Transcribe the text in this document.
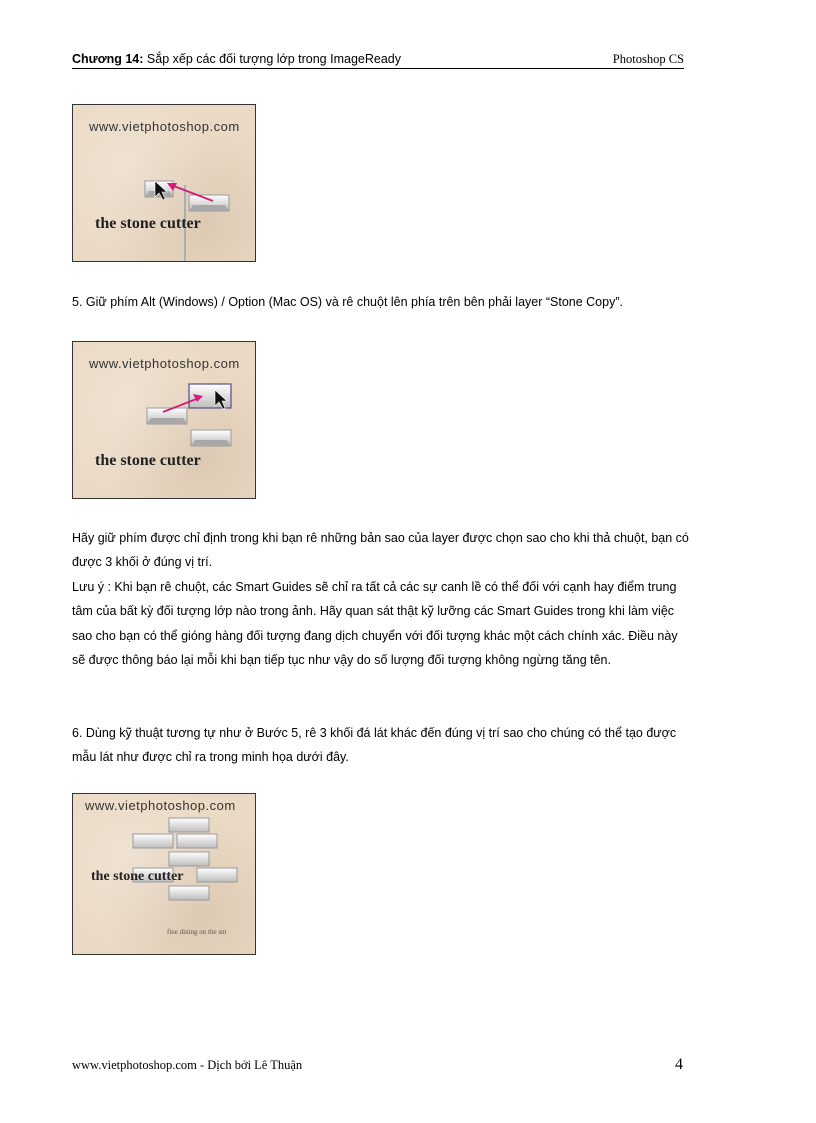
Chương 14: Sắp xếp các đối tượng lớp trong ImageReady	Photoshop CS
www.vietphotoshop.com
the stone cutter

5. Giữ phím Alt (Windows) / Option (Mac OS) và rê chuột lên phía trên bên phải layer “Stone Copy”.

www.vietphotoshop.com
the stone cutter

Hãy giữ phím được chỉ định trong khi bạn rê những bản sao của layer được chọn sao cho khi thả chuột, bạn có được 3 khối ở đúng vị trí.

Lưu ý : Khi bạn rê chuột, các Smart Guides sẽ chỉ ra tất cả các sự canh lề có thể đối với cạnh hay điểm trung tâm của bất kỳ đối tượng lớp nào trong ảnh. Hãy quan sát thật kỹ lưỡng các Smart Guides trong khi làm việc sao cho bạn có thể gióng hàng đối tượng đang dịch chuyển với đối tượng khác một cách chính xác. Điều này sẽ được thông báo lại mỗi khi bạn tiếp tục như vậy do số lượng đối tượng không ngừng tăng tên.

6. Dùng kỹ thuật tương tự như ở Bước 5, rê 3 khối đá lát khác đến đúng vị trí sao cho chúng có thể tạo được mẫu lát như được chỉ ra trong minh họa dưới đây.

www.vietphotoshop.com
the stone cutter
fine dining on the sm
www.vietphotoshop.com - Dịch bởi Lê Thuận	4
